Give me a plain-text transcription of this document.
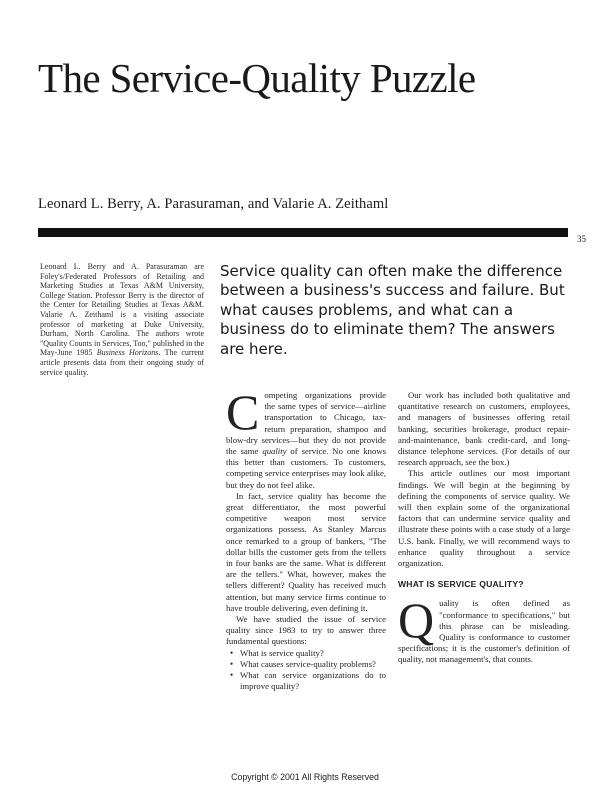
The Service-Quality Puzzle
Leonard L. Berry, A. Parasuraman, and Valarie A. Zeithaml
35
Leonard L. Berry and A. Parasuraman are Foley's/Federated Professors of Retailing and Marketing Studies at Texas A&M University, College Station. Professor Berry is the director of the Center for Retailing Studies at Texas A&M. Valarie A. Zeithaml is a visiting associate professor of marketing at Duke University, Durham, North Carolina. The authors wrote "Quality Counts in Services, Too," published in the May-June 1985 Business Horizons. The current article presents data from their ongoing study of service quality.
Service quality can often make the difference between a business's success and failure. But what causes problems, and what can a business do to eliminate them? The answers are here.

Competing organizations provide the same types of service—airline transportation to Chicago, tax-return preparation, shampoo and blow-dry services—but they do not provide the same quality of service. No one knows this better than customers. To customers, competing service enterprises may look alike, but they do not feel alike.

In fact, service quality has become the great differentiator, the most powerful competitive weapon most service organizations possess. As Stanley Marcus once remarked to a group of bankers, "The dollar bills the customer gets from the tellers in four banks are the same. What is different are the tellers." What, however, makes the tellers different? Quality has received much attention, but many service firms continue to have trouble delivering, even defining it.

We have studied the issue of service quality since 1983 to try to answer three fundamental questions:

• What is service quality?
• What causes service-quality problems?
• What can service organizations do to improve quality?

Our work has included both qualitative and quantitative research on customers, employees, and managers of businesses offering retail banking, securities brokerage, product repair-and-maintenance, bank credit-card, and long-distance telephone services. (For details of our research approach, see the box.)

This article outlines our most important findings. We will begin at the beginning by defining the components of service quality. We will then explain some of the organizational factors that can undermine service quality and illustrate these points with a case study of a large U.S. bank. Finally, we will recommend ways to enhance quality throughout a service organization.

WHAT IS SERVICE QUALITY?

Quality is often defined as "conformance to specifications," but this phrase can be misleading. Quality is conformance to customer specifications; it is the customer's definition of quality, not management's, that counts.

Copyright © 2001 All Rights Reserved
